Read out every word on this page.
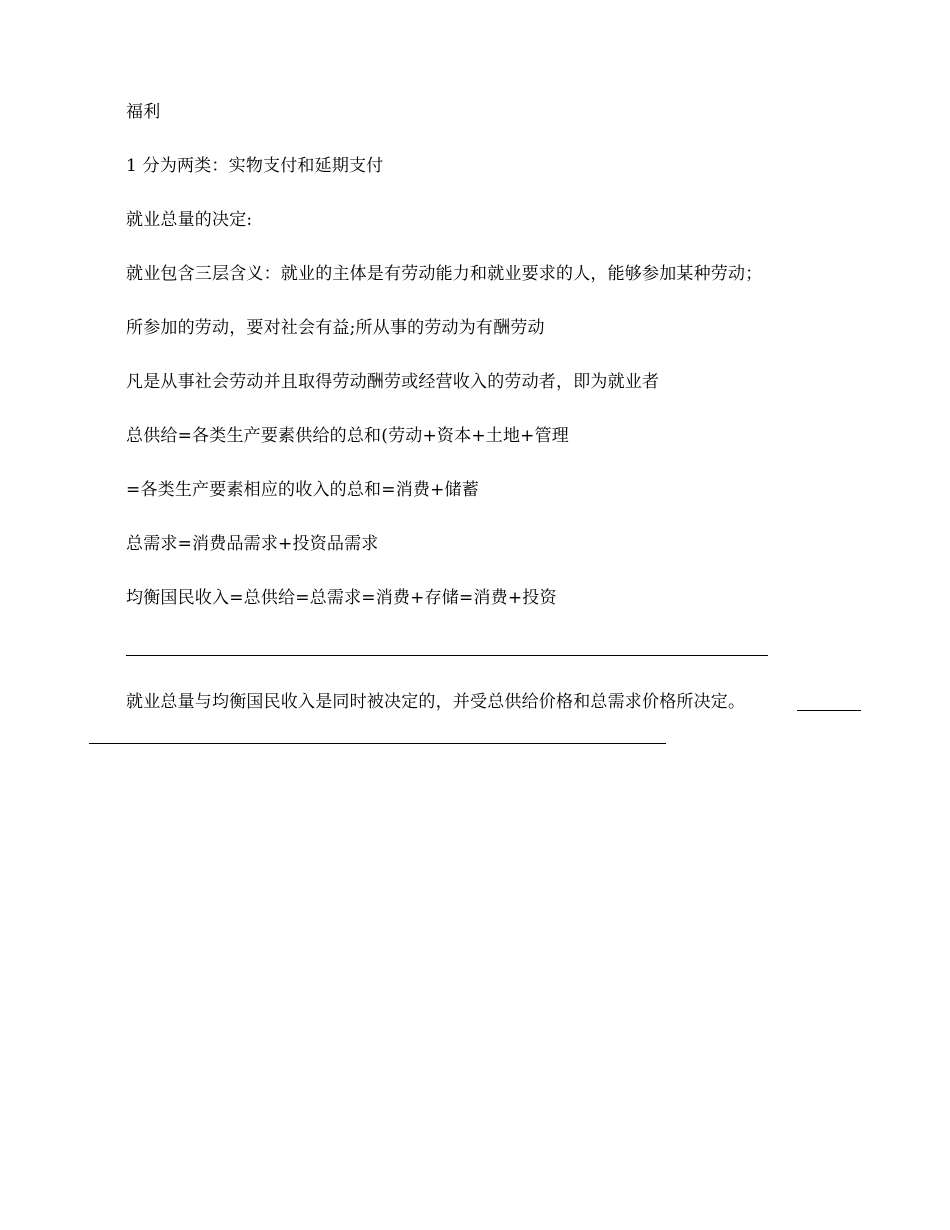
福利
1 分为两类：实物支付和延期支付
就业总量的决定:
就业包含三层含义：就业的主体是有劳动能力和就业要求的人，能够参加某种劳动；
所参加的劳动，要对社会有益;所从事的劳动为有酬劳动
凡是从事社会劳动并且取得劳动酬劳或经营收入的劳动者，即为就业者
总供给=各类生产要素供给的总和(劳动+资本+土地+管理
=各类生产要素相应的收入的总和=消费+储蓄
总需求=消费品需求+投资品需求
均衡国民收入=总供给=总需求=消费+存储=消费+投资
就业总量与均衡国民收入是同时被决定的，并受总供给价格和总需求价格所决定。
